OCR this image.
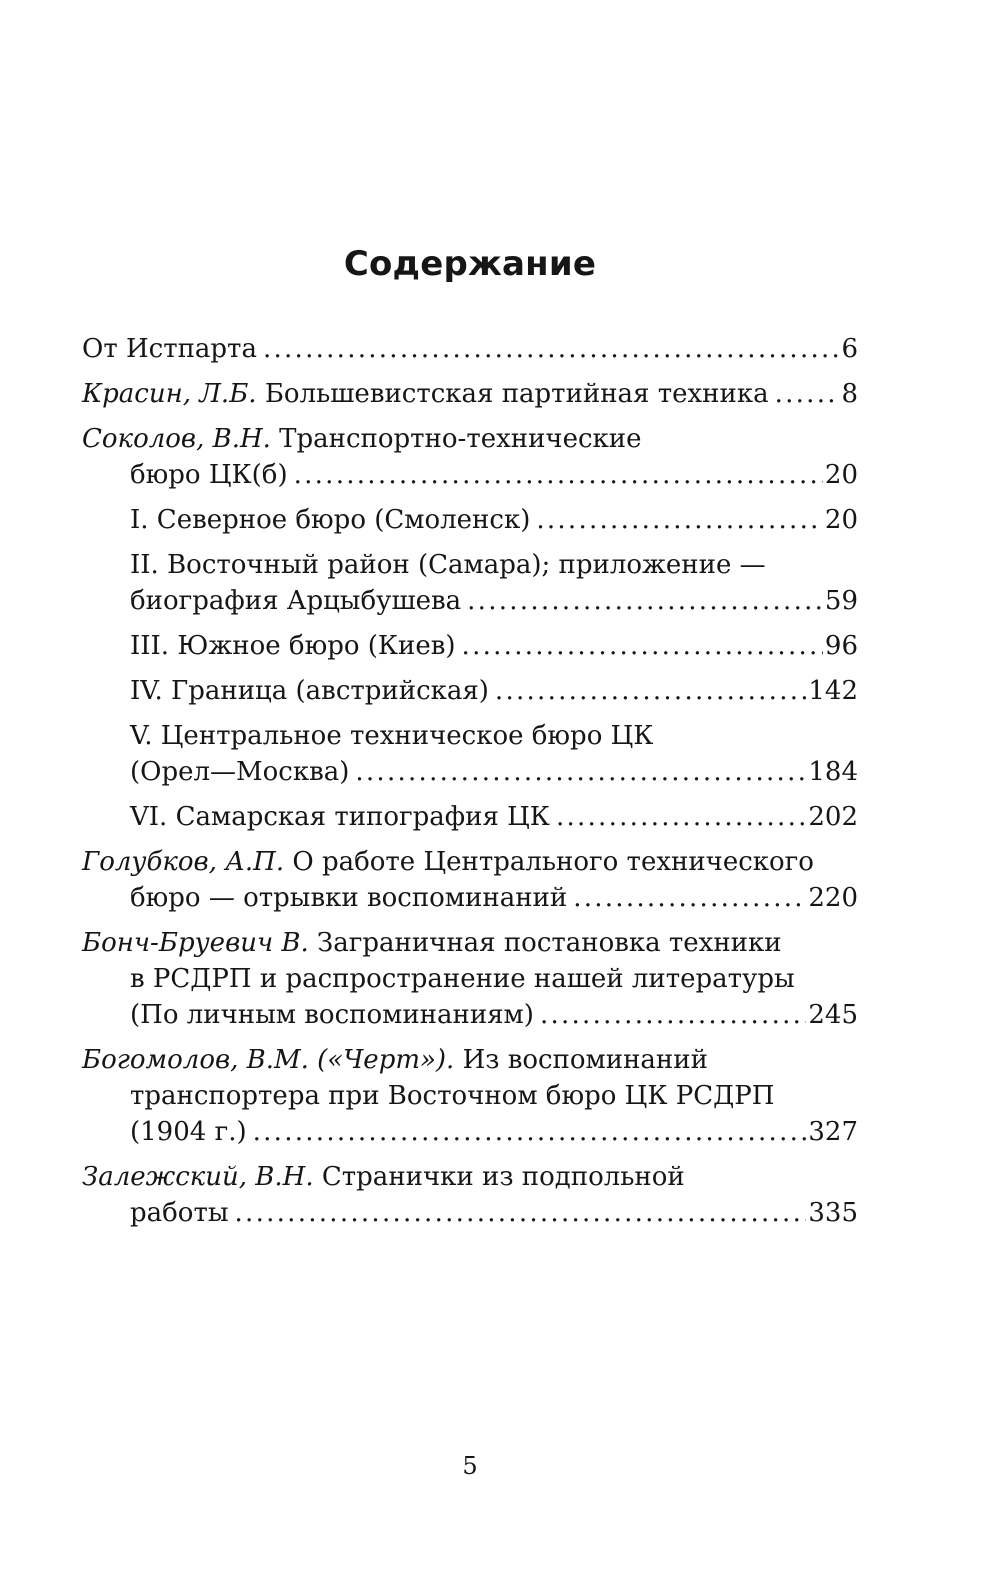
Содержание
От Истпарта . . .	6
Красин, Л.Б. Большевистская партийная техника . . .	8
Соколов, В.Н. Транспортно-технические
бюро ЦК(б) . . .	20
I. Северное бюро (Смоленск) . . .	20
II. Восточный район (Самара); приложение —
биография Арцыбушева . . .	59
III. Южное бюро (Киев) . . .	96
IV. Граница (австрийская) . . .	142
V. Центральное техническое бюро ЦК
(Орел—Москва) . . .	184
VI. Самарская типография ЦК . . .	202
Голубков, А.П. О работе Центрального технического
бюро — отрывки воспоминаний . . .	220
Бонч-Бруевич В. Заграничная постановка техники
в РСДРП и распространение нашей литературы
(По личным воспоминаниям) . . .	245
Богомолов, В.М. («Черт»). Из воспоминаний
транспортера при Восточном бюро ЦК РСДРП
(1904 г.) . . .	327
Залежский, В.Н. Странички из подпольной
работы . . .	335
5
